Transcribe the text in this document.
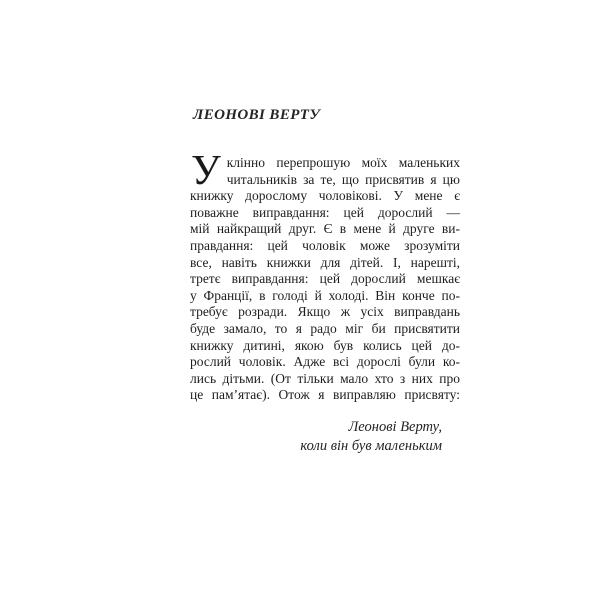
ЛЕОНОВІ ВЕРТУ
У клінно перепрошую моїх маленьких
читальників за те, що присвятив я цю
книжку дорослому чоловікові. У мене є
поважне виправдання: цей дорослий —
мій найкращий друг. Є в мене й друге ви-
правдання: цей чоловік може зрозуміти
все, навіть книжки для дітей. І, нарешті,
третє виправдання: цей дорослий мешкає
у Франції, в голоді й холоді. Він конче по-
требує розради. Якщо ж усіх виправдань
буде замало, то я радо міг би присвятити
книжку дитині, якою був колись цей до-
рослий чоловік. Адже всі дорослі були ко-
лись дітьми. (От тільки мало хто з них про
це пам’ятає). Отож я виправляю присвяту:
Леонові Верту,
коли він був маленьким
